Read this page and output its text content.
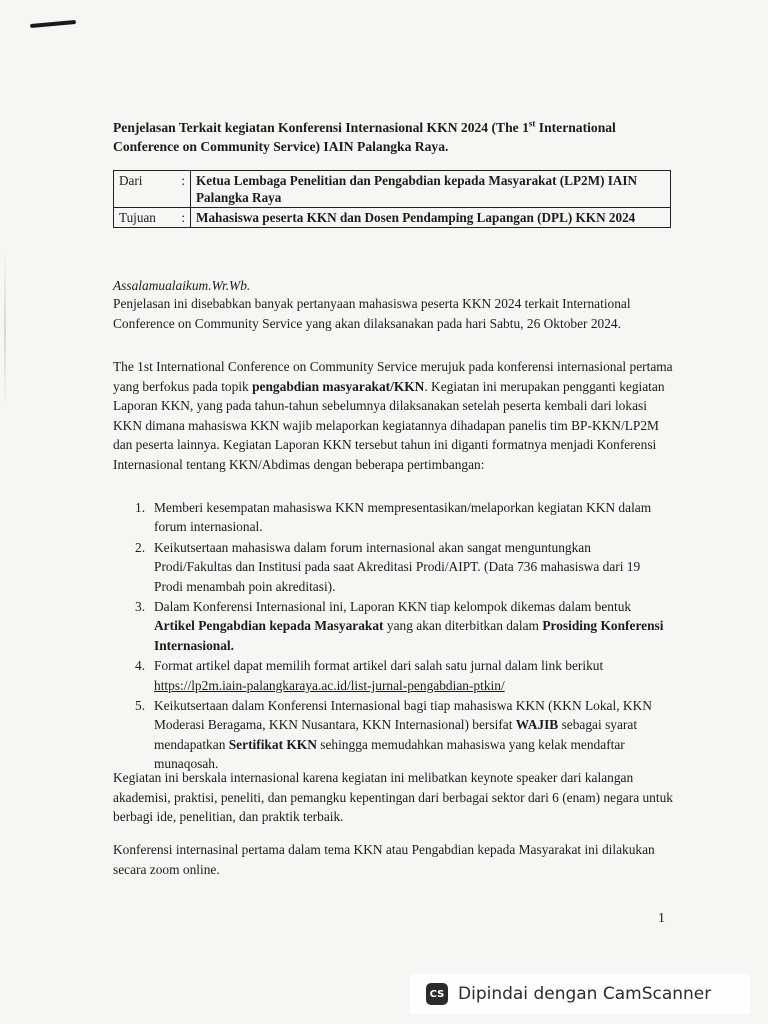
Penjelasan Terkait kegiatan Konferensi Internasional KKN 2024 (The 1st International Conference on Community Service) IAIN Palangka Raya.
Dari :	Ketua Lembaga Penelitian dan Pengabdian kepada Masyarakat (LP2M) IAIN Palangka Raya
Tujuan :	Mahasiswa peserta KKN dan Dosen Pendamping Lapangan (DPL) KKN 2024
Assalamualaikum.Wr.Wb.
Penjelasan ini disebabkan banyak pertanyaan mahasiswa peserta KKN 2024 terkait International Conference on Community Service yang akan dilaksanakan pada hari Sabtu, 26 Oktober 2024.
The 1st International Conference on Community Service merujuk pada konferensi internasional pertama yang berfokus pada topik pengabdian masyarakat/KKN. Kegiatan ini merupakan pengganti kegiatan Laporan KKN, yang pada tahun-tahun sebelumnya dilaksanakan setelah peserta kembali dari lokasi KKN dimana mahasiswa KKN wajib melaporkan kegiatannya dihadapan panelis tim BP-KKN/LP2M dan peserta lainnya. Kegiatan Laporan KKN tersebut tahun ini diganti formatnya menjadi Konferensi Internasional tentang KKN/Abdimas dengan beberapa pertimbangan:
1. Memberi kesempatan mahasiswa KKN mempresentasikan/melaporkan kegiatan KKN dalam forum internasional.
2. Keikutsertaan mahasiswa dalam forum internasional akan sangat menguntungkan Prodi/Fakultas dan Institusi pada saat Akreditasi Prodi/AIPT. (Data 736 mahasiswa dari 19 Prodi menambah poin akreditasi).
3. Dalam Konferensi Internasional ini, Laporan KKN tiap kelompok dikemas dalam bentuk Artikel Pengabdian kepada Masyarakat yang akan diterbitkan dalam Prosiding Konferensi Internasional.
4. Format artikel dapat memilih format artikel dari salah satu jurnal dalam link berikut https://lp2m.iain-palangkaraya.ac.id/list-jurnal-pengabdian-ptkin/
5. Keikutsertaan dalam Konferensi Internasional bagi tiap mahasiswa KKN (KKN Lokal, KKN Moderasi Beragama, KKN Nusantara, KKN Internasional) bersifat WAJIB sebagai syarat mendapatkan Sertifikat KKN sehingga memudahkan mahasiswa yang kelak mendaftar munaqosah.
Kegiatan ini berskala internasional karena kegiatan ini melibatkan keynote speaker dari kalangan akademisi, praktisi, peneliti, dan pemangku kepentingan dari berbagai sektor dari 6 (enam) negara untuk berbagi ide, penelitian, dan praktik terbaik.
Konferensi internasinal pertama dalam tema KKN atau Pengabdian kepada Masyarakat ini dilakukan secara zoom online.
1
CS Dipindai dengan CamScanner
